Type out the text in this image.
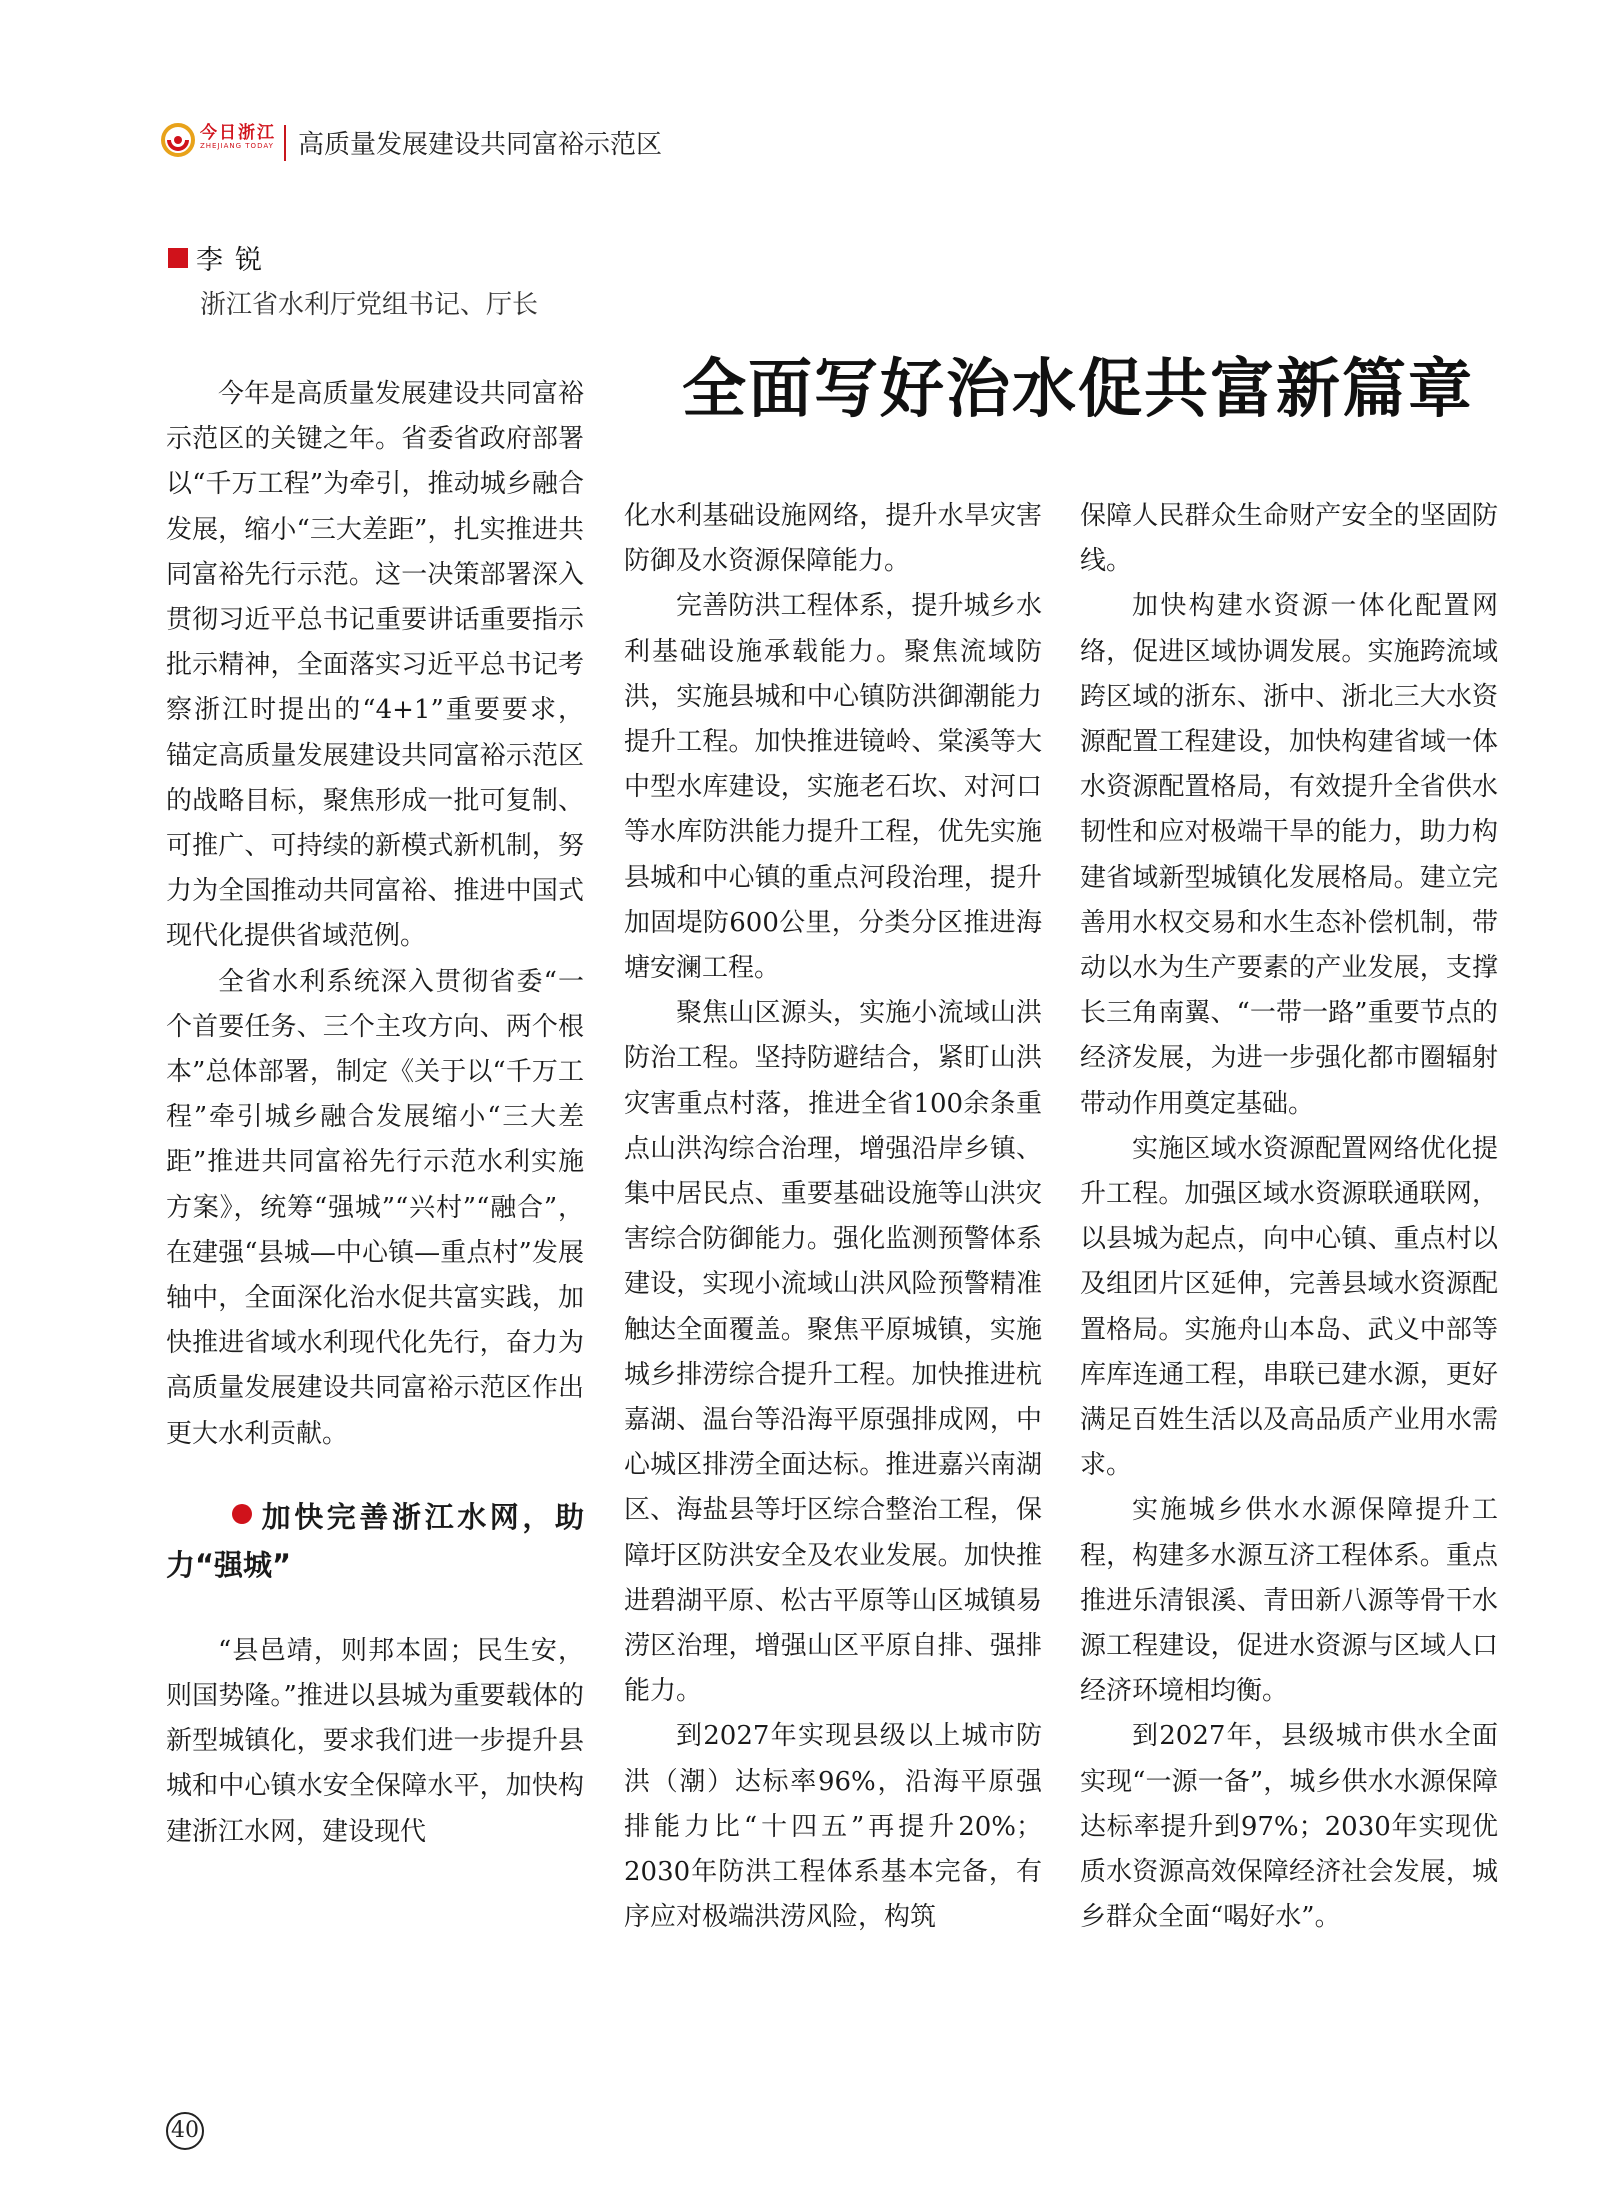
今日浙江
ZHEJIANG TODAY 高质量发展建设共同富裕示范区
李锐
浙江省水利厅党组书记、厅长
全面写好治水促共富新篇章

今年是高质量发展建设共同富裕示范区的关键之年。省委省政府部署以“千万工程”为牵引，推动城乡融合发展，缩小“三大差距”，扎实推进共同富裕先行示范。这一决策部署深入贯彻习近平总书记重要讲话重要指示批示精神，全面落实习近平总书记考察浙江时提出的“4+1”重要要求，锚定高质量发展建设共同富裕示范区的战略目标，聚焦形成一批可复制、可推广、可持续的新模式新机制，努力为全国推动共同富裕、推进中国式现代化提供省域范例。

全省水利系统深入贯彻省委“一个首要任务、三个主攻方向、两个根本”总体部署，制定《关于以“千万工程”牵引城乡融合发展缩小“三大差距”推进共同富裕先行示范水利实施方案》，统筹“强城”“兴村”“融合”，在建强“县城—中心镇—重点村”发展轴中，全面深化治水促共富实践，加快推进省域水利现代化先行，奋力为高质量发展建设共同富裕示范区作出更大水利贡献。

加快完善浙江水网，助力“强城”

“县邑靖，则邦本固；民生安，则国势隆。”推进以县城为重要载体的新型城镇化，要求我们进一步提升县城和中心镇水安全保障水平，加快构建浙江水网，建设现代

化水利基础设施网络，提升水旱灾害防御及水资源保障能力。

完善防洪工程体系，提升城乡水利基础设施承载能力。聚焦流域防洪，实施县城和中心镇防洪御潮能力提升工程。加快推进镜岭、棠溪等大中型水库建设，实施老石坎、对河口等水库防洪能力提升工程，优先实施县城和中心镇的重点河段治理，提升加固堤防600公里，分类分区推进海塘安澜工程。

聚焦山区源头，实施小流域山洪防治工程。坚持防避结合，紧盯山洪灾害重点村落，推进全省100余条重点山洪沟综合治理，增强沿岸乡镇、集中居民点、重要基础设施等山洪灾害综合防御能力。强化监测预警体系建设，实现小流域山洪风险预警精准触达全面覆盖。聚焦平原城镇，实施城乡排涝综合提升工程。加快推进杭嘉湖、温台等沿海平原强排成网，中心城区排涝全面达标。推进嘉兴南湖区、海盐县等圩区综合整治工程，保障圩区防洪安全及农业发展。加快推进碧湖平原、松古平原等山区城镇易涝区治理，增强山区平原自排、强排能力。

到2027年实现县级以上城市防洪（潮）达标率96%，沿海平原强排能力比“十四五”再提升20%；2030年防洪工程体系基本完备，有序应对极端洪涝风险，构筑

保障人民群众生命财产安全的坚固防线。

加快构建水资源一体化配置网络，促进区域协调发展。实施跨流域跨区域的浙东、浙中、浙北三大水资源配置工程建设，加快构建省域一体水资源配置格局，有效提升全省供水韧性和应对极端干旱的能力，助力构建省域新型城镇化发展格局。建立完善用水权交易和水生态补偿机制，带动以水为生产要素的产业发展，支撑长三角南翼、“一带一路”重要节点的经济发展，为进一步强化都市圈辐射带动作用奠定基础。

实施区域水资源配置网络优化提升工程。加强区域水资源联通联网，以县城为起点，向中心镇、重点村以及组团片区延伸，完善县域水资源配置格局。实施舟山本岛、武义中部等库库连通工程，串联已建水源，更好满足百姓生活以及高品质产业用水需求。

实施城乡供水水源保障提升工程，构建多水源互济工程体系。重点推进乐清银溪、青田新八源等骨干水源工程建设，促进水资源与区域人口经济环境相均衡。

到2027年，县级城市供水全面实现“一源一备”，城乡供水水源保障达标率提升到97%；2030年实现优质水资源高效保障经济社会发展，城乡群众全面“喝好水”。

40
